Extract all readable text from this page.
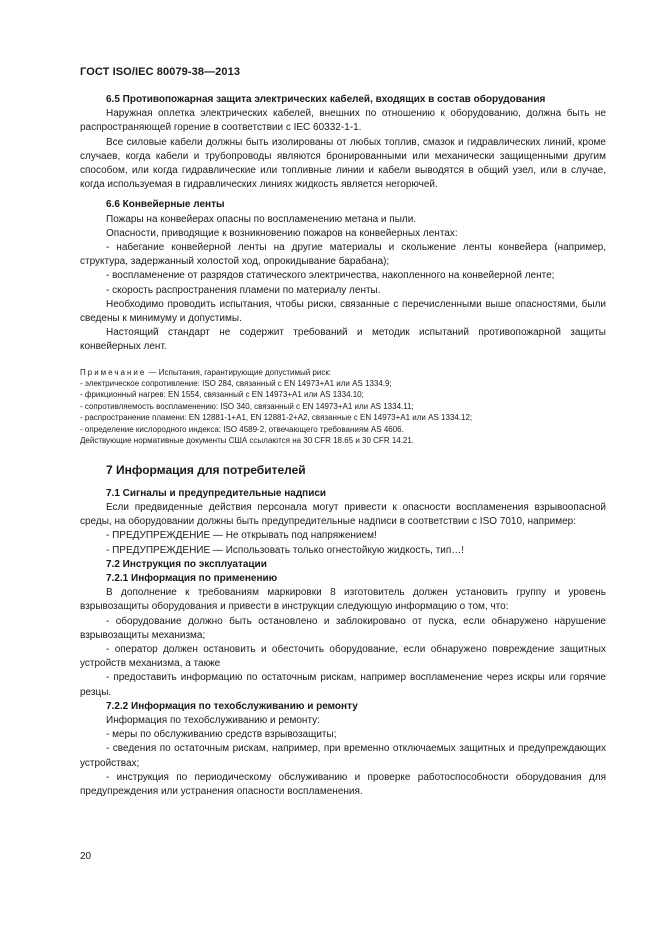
ГОСТ ISO/IEC 80079-38—2013

6.5 Противопожарная защита электрических кабелей, входящих в состав оборудования

Наружная оплетка электрических кабелей, внешних по отношению к оборудованию, должна быть не распространяющей горение в соответствии с IEC 60332-1-1.

Все силовые кабели должны быть изолированы от любых топлив, смазок и гидравлических линий, кроме случаев, когда кабели и трубопроводы являются бронированными или механически защищенными другим способом, или когда гидравлические или топливные линии и кабели выводятся в общий узел, или в случае, когда используемая в гидравлических линиях жидкость является негорючей.

6.6 Конвейерные ленты

Пожары на конвейерах опасны по воспламенению метана и пыли.

Опасности, приводящие к возникновению пожаров на конвейерных лентах:

- набегание конвейерной ленты на другие материалы и скольжение ленты конвейера (например, структура, задержанный холостой ход, опрокидывание барабана);

- воспламенение от разрядов статического электричества, накопленного на конвейерной ленте;

- скорость распространения пламени по материалу ленты.

Необходимо проводить испытания, чтобы риски, связанные с перечисленными выше опасностями, были сведены к минимуму и допустимы.

Настоящий стандарт не содержит требований и методик испытаний противопожарной защиты конвейерных лент.

Примечание — Испытания, гарантирующие допустимый риск:

- электрическое сопротивление: ISO 284, связанный с EN 14973+A1 или AS 1334.9;

- фрикционный нагрев: EN 1554, связанный с EN 14973+A1 или AS 1334.10;

- сопротивляемость воспламенению: ISO 340, связанный с EN 14973+A1 или AS 1334.11;

- распространение пламени: EN 12881-1+A1, EN 12881-2+A2, связанные с EN 14973+A1 или AS 1334.12;

- определение кислородного индекса: ISO 4589-2, отвечающего требованиям AS 4606.

Действующие нормативные документы США ссылаются на 30 CFR 18.65 и 30 CFR 14.21.

7 Информация для потребителей

7.1 Сигналы и предупредительные надписи

Если предвиденные действия персонала могут привести к опасности воспламенения взрывоопасной среды, на оборудовании должны быть предупредительные надписи в соответствии с ISO 7010, например:

- ПРЕДУПРЕЖДЕНИЕ — Не открывать под напряжением!

- ПРЕДУПРЕЖДЕНИЕ — Использовать только огнестойкую жидкость, тип…!

7.2 Инструкция по эксплуатации

7.2.1 Информация по применению

В дополнение к требованиям маркировки 8 изготовитель должен установить группу и уровень взрывозащиты оборудования и привести в инструкции следующую информацию о том, что:

- оборудование должно быть остановлено и заблокировано от пуска, если обнаружено нарушение взрывозащиты механизма;

- оператор должен остановить и обесточить оборудование, если обнаружено повреждение защитных устройств механизма, а также

- предоставить информацию по остаточным рискам, например воспламенение через искры или горячие резцы.

7.2.2 Информация по техобслуживанию и ремонту

Информация по техобслуживанию и ремонту:

- меры по обслуживанию средств взрывозащиты;

- сведения по остаточным рискам, например, при временно отключаемых защитных и предупреждающих устройствах;

- инструкция по периодическому обслуживанию и проверке работоспособности оборудования для предупреждения или устранения опасности воспламенения.

20
